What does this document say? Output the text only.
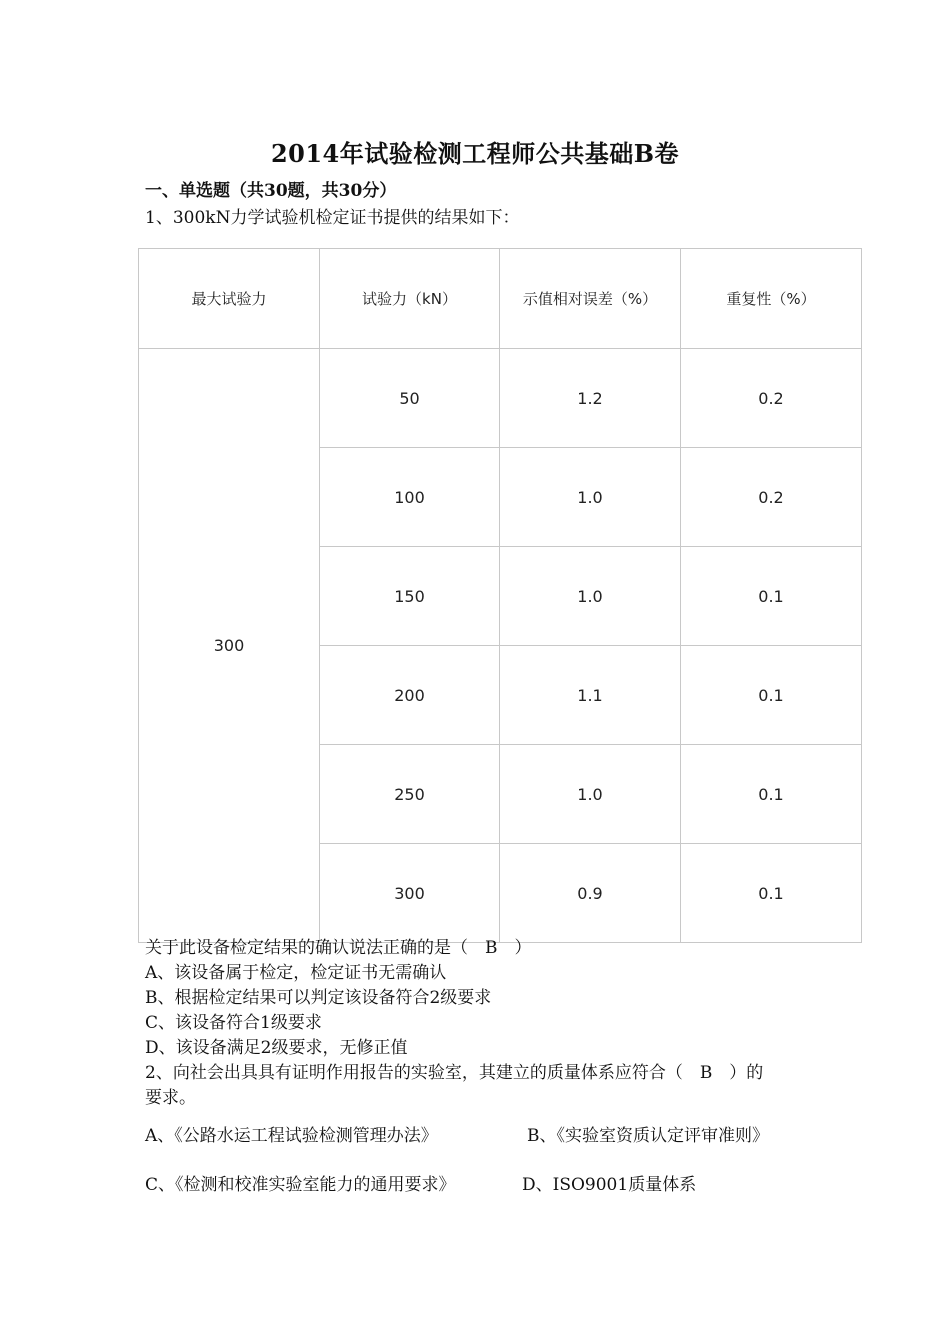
2014年试验检测工程师公共基础B卷
一、单选题（共30题，共30分）
1、300kN力学试验机检定证书提供的结果如下：
最大试验力	试验力（kN）	示值相对误差（%）	重复性（%）
300	50	1.2	0.2
	100	1.0	0.2
	150	1.0	0.1
	200	1.1	0.1
	250	1.0	0.1
	300	0.9	0.1
关于此设备检定结果的确认说法正确的是（　B　）
A、该设备属于检定，检定证书无需确认
B、根据检定结果可以判定该设备符合2级要求
C、该设备符合1级要求
D、该设备满足2级要求，无修正值
2、向社会出具具有证明作用报告的实验室，其建立的质量体系应符合（　B　）的
要求。
A、《公路水运工程试验检测管理办法》	B、《实验室资质认定评审准则》
C、《检测和校准实验室能力的通用要求》	D、ISO9001质量体系
